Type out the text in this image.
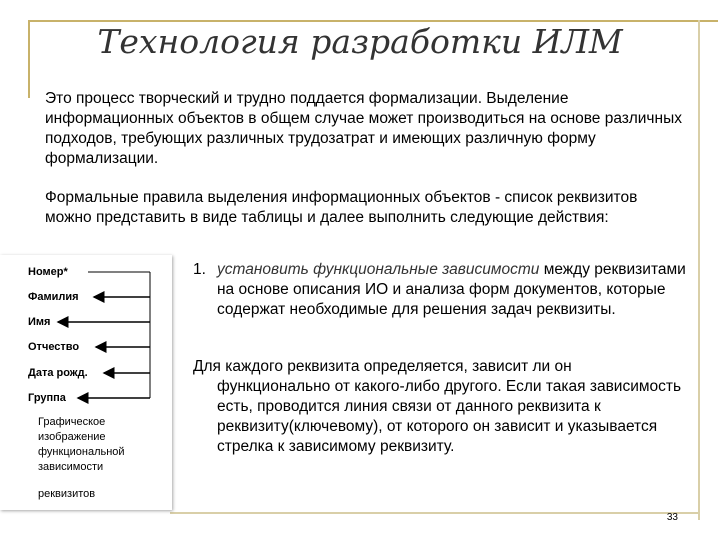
Технология разработки ИЛМ
Это процесс творческий и трудно поддается формализации. Выделение информационных объектов в общем случае может производиться на основе различных подходов, требующих различных трудозатрат и имеющих различную форму формализации.
Формальные правила выделения информационных объектов - список реквизитов можно представить в виде таблицы и далее выполнить следующие действия:
Номер*
Фамилия
Имя
Отчество
Дата рожд.
Группа
Графическое изображение функциональной зависимости
реквизитов
1. установить функциональные зависимости между реквизитами на основе описания ИО и анализа форм документов, которые содержат необходимые для решения задач реквизиты.
Для каждого реквизита определяется, зависит ли он
функционально от какого-либо другого. Если такая зависимость есть, проводится линия связи от данного реквизита к реквизиту(ключевому), от которого он зависит и указывается стрелка к зависимому реквизиту.
33
